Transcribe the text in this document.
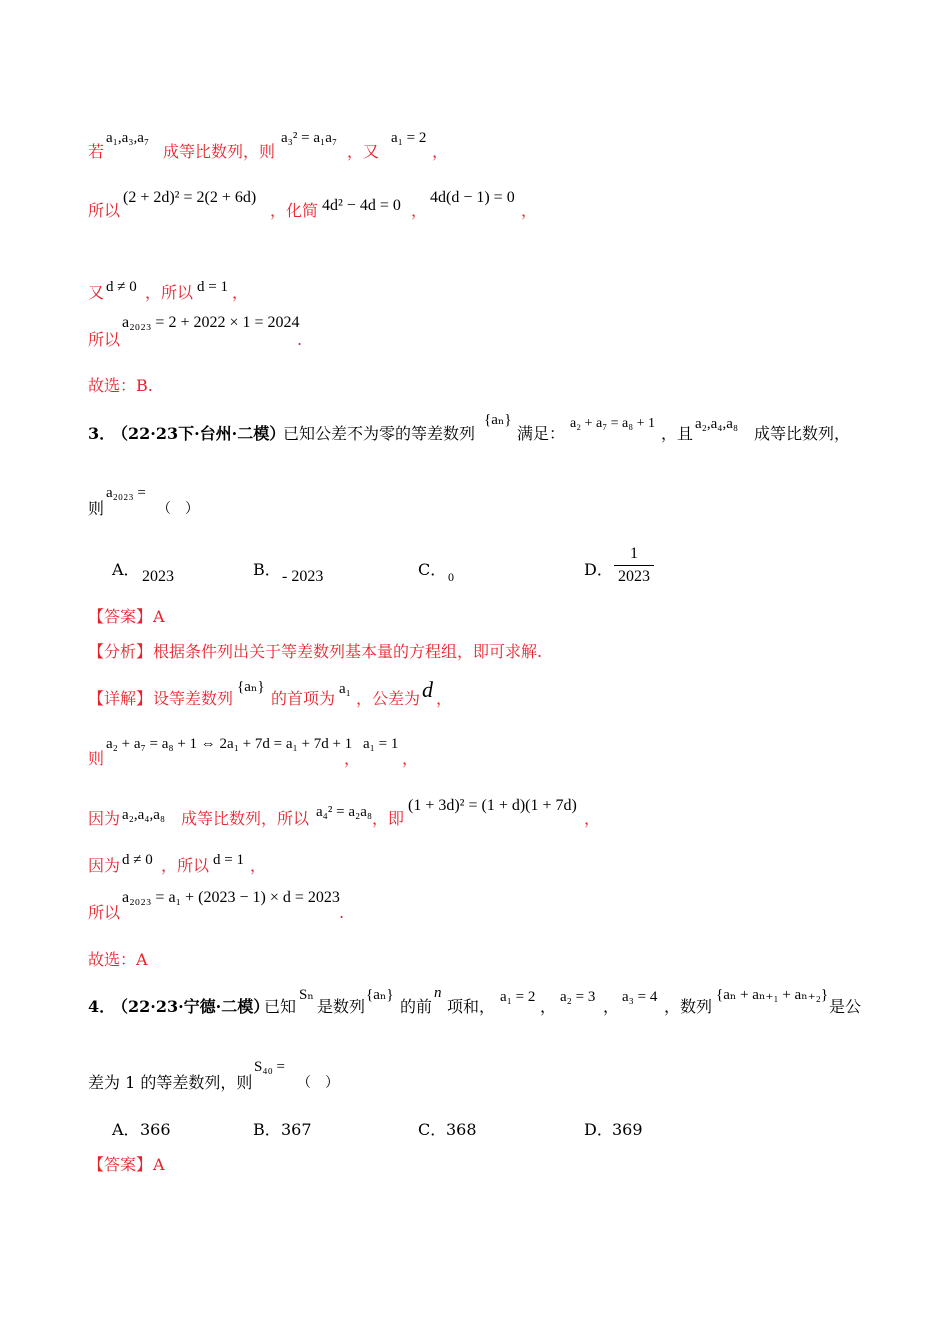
若
a₁,a₃,a₇
成等比数列，则
a₃² = a₁a₇
，又
a₁ = 2
，
所以
(2 + 2d)² = 2(2 + 6d)
，化简 4d² − 4d = 0 ，
4d(d − 1) = 0
，
又 d ≠ 0 ，所以 d = 1 ，
所以
a₂₀₂₃ = 2 + 2022 × 1 = 2024
.
故选：B.
3．
（22·23下·台州·二模）
已知公差不为零的等差数列
{aₙ}
满足：
a₂ + a₇ = a₈ + 1
，且 a₂,a₄,a₈ 成等比数列，
则
a₂₀₂₃ =
（　）
A． 2023	B． - 2023	C． 0	D．
1
2023
【答案】 A
【分析】 根据条件列出关于等差数列基本量的方程组，即可求解.
【详解】 设等差数列
{aₙ}
的首项为 a₁ ，公差为 d ，
则
a₂ + a₇ = a₈ + 1 ⇔ 2a₁ + 7d = a₁ + 7d + 1
，
a₁ = 1
，
因为 a₂,a₄,a₈ 成等比数列，所以 a₄² = a₂a₈ ，即
(1 + 3d)² = (1 + d)(1 + 7d)
，
因为 d ≠ 0 ，所以 d = 1 ，
所以
a₂₀₂₃ = a₁ + (2023 − 1) × d = 2023
.
故选：A
4．
（22·23·宁德·二模）
已知
Sₙ
是数列
{aₙ}
的前
n
项和， a₁ = 2 ， a₂ = 3 ， a₃ = 4 ，数列
{aₙ + aₙ₊₁ + aₙ₊₂}
是公
差为 1 的等差数列，则
S₄₀ =
（　）
A． 366	B． 367	C． 368	D． 369
【答案】 A
